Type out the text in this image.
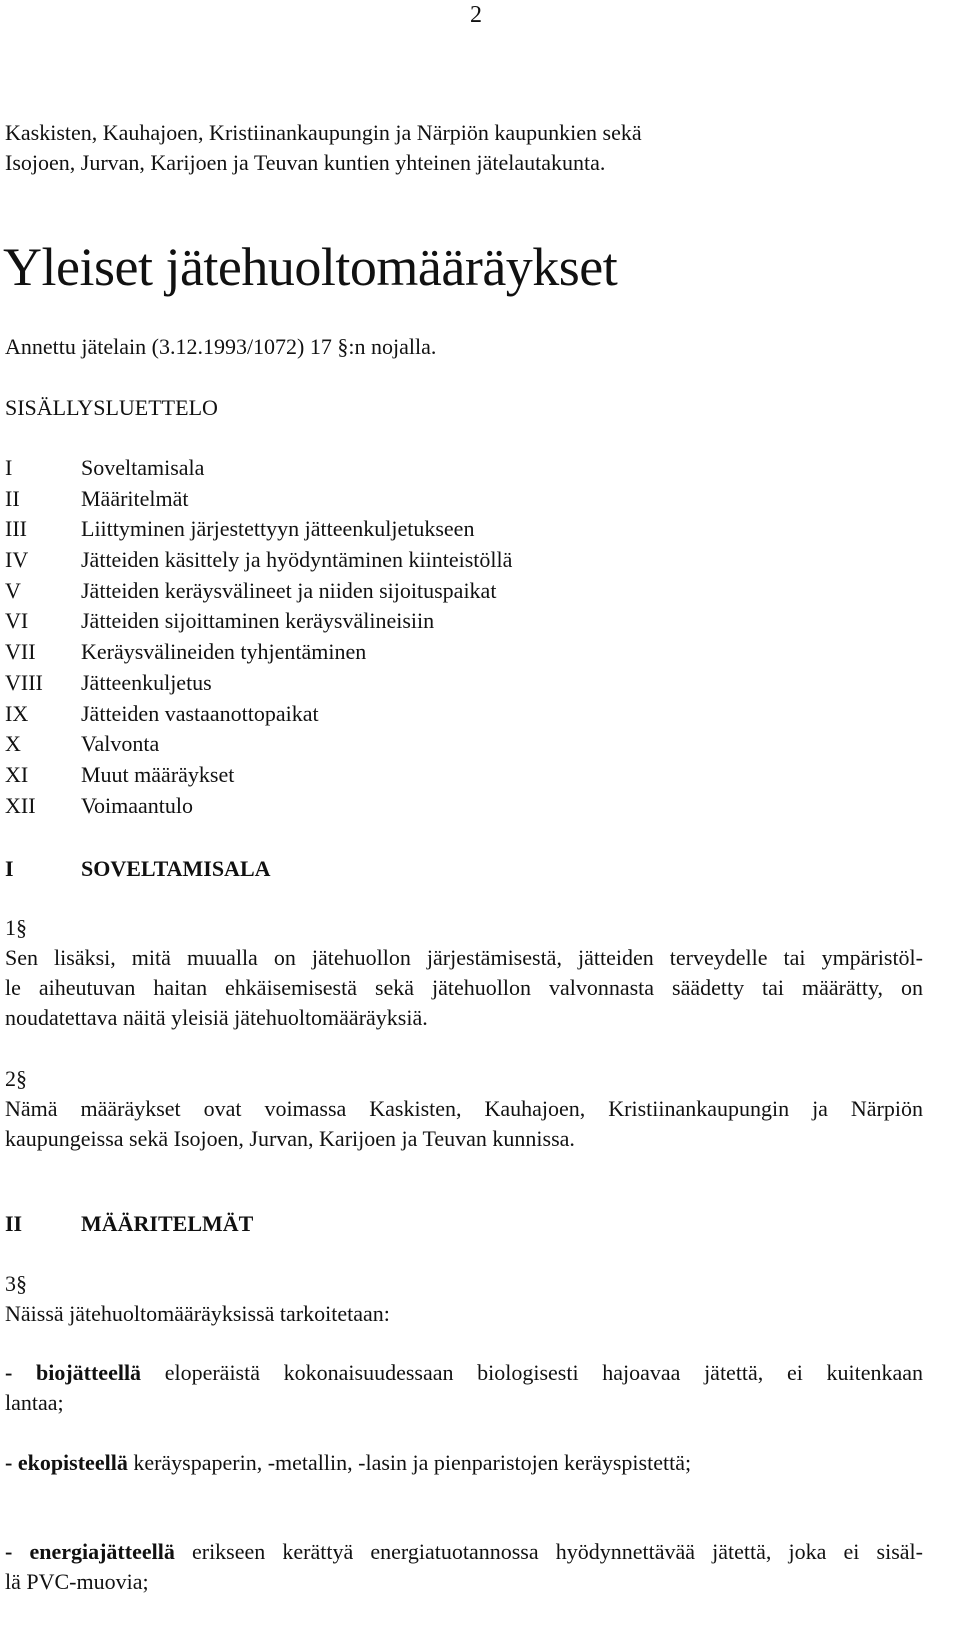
2
Kaskisten, Kauhajoen, Kristiinankaupungin ja Närpiön kaupunkien sekä
Isojoen, Jurvan, Karijoen ja Teuvan kuntien yhteinen jätelautakunta.
Yleiset jätehuoltomääräykset
Annettu jätelain (3.12.1993/1072) 17 §:n nojalla.
SISÄLLYSLUETTELO
I	Soveltamisala
II	Määritelmät
III Liittyminen järjestettyyn jätteenkuljetukseen
IV Jätteiden käsittely ja hyödyntäminen kiinteistöllä
V	Jätteiden keräysvälineet ja niiden sijoituspaikat
VI Jätteiden sijoittaminen keräysvälineisiin
VII Keräysvälineiden tyhjentäminen
VIII Jätteenkuljetus
IX Jätteiden vastaanottopaikat
X	Valvonta
XI Muut määräykset
XII Voimaantulo
I	SOVELTAMISALA
1§
Sen lisäksi, mitä muualla on jätehuollon järjestämisestä, jätteiden terveydelle tai ympäristöl-
le aiheutuvan haitan ehkäisemisestä sekä jätehuollon valvonnasta säädetty tai määrätty, on
noudatettava näitä yleisiä jätehuoltomääräyksiä.
2§
Nämä määräykset ovat voimassa Kaskisten, Kauhajoen, Kristiinankaupungin ja Närpiön
kaupungeissa sekä Isojoen, Jurvan, Karijoen ja Teuvan kunnissa.
II	MÄÄRITELMÄT
3§
Näissä jätehuoltomääräyksissä tarkoitetaan:
- biojätteellä eloperäistä kokonaisuudessaan biologisesti hajoavaa jätettä, ei kuitenkaan
lantaa;
- ekopisteellä keräyspaperin, -metallin, -lasin ja pienparistojen keräyspistettä;
- energiajätteellä erikseen kerättyä energiatuotannossa hyödynnettävää jätettä, joka ei sisäl-
lä PVC-muovia;
